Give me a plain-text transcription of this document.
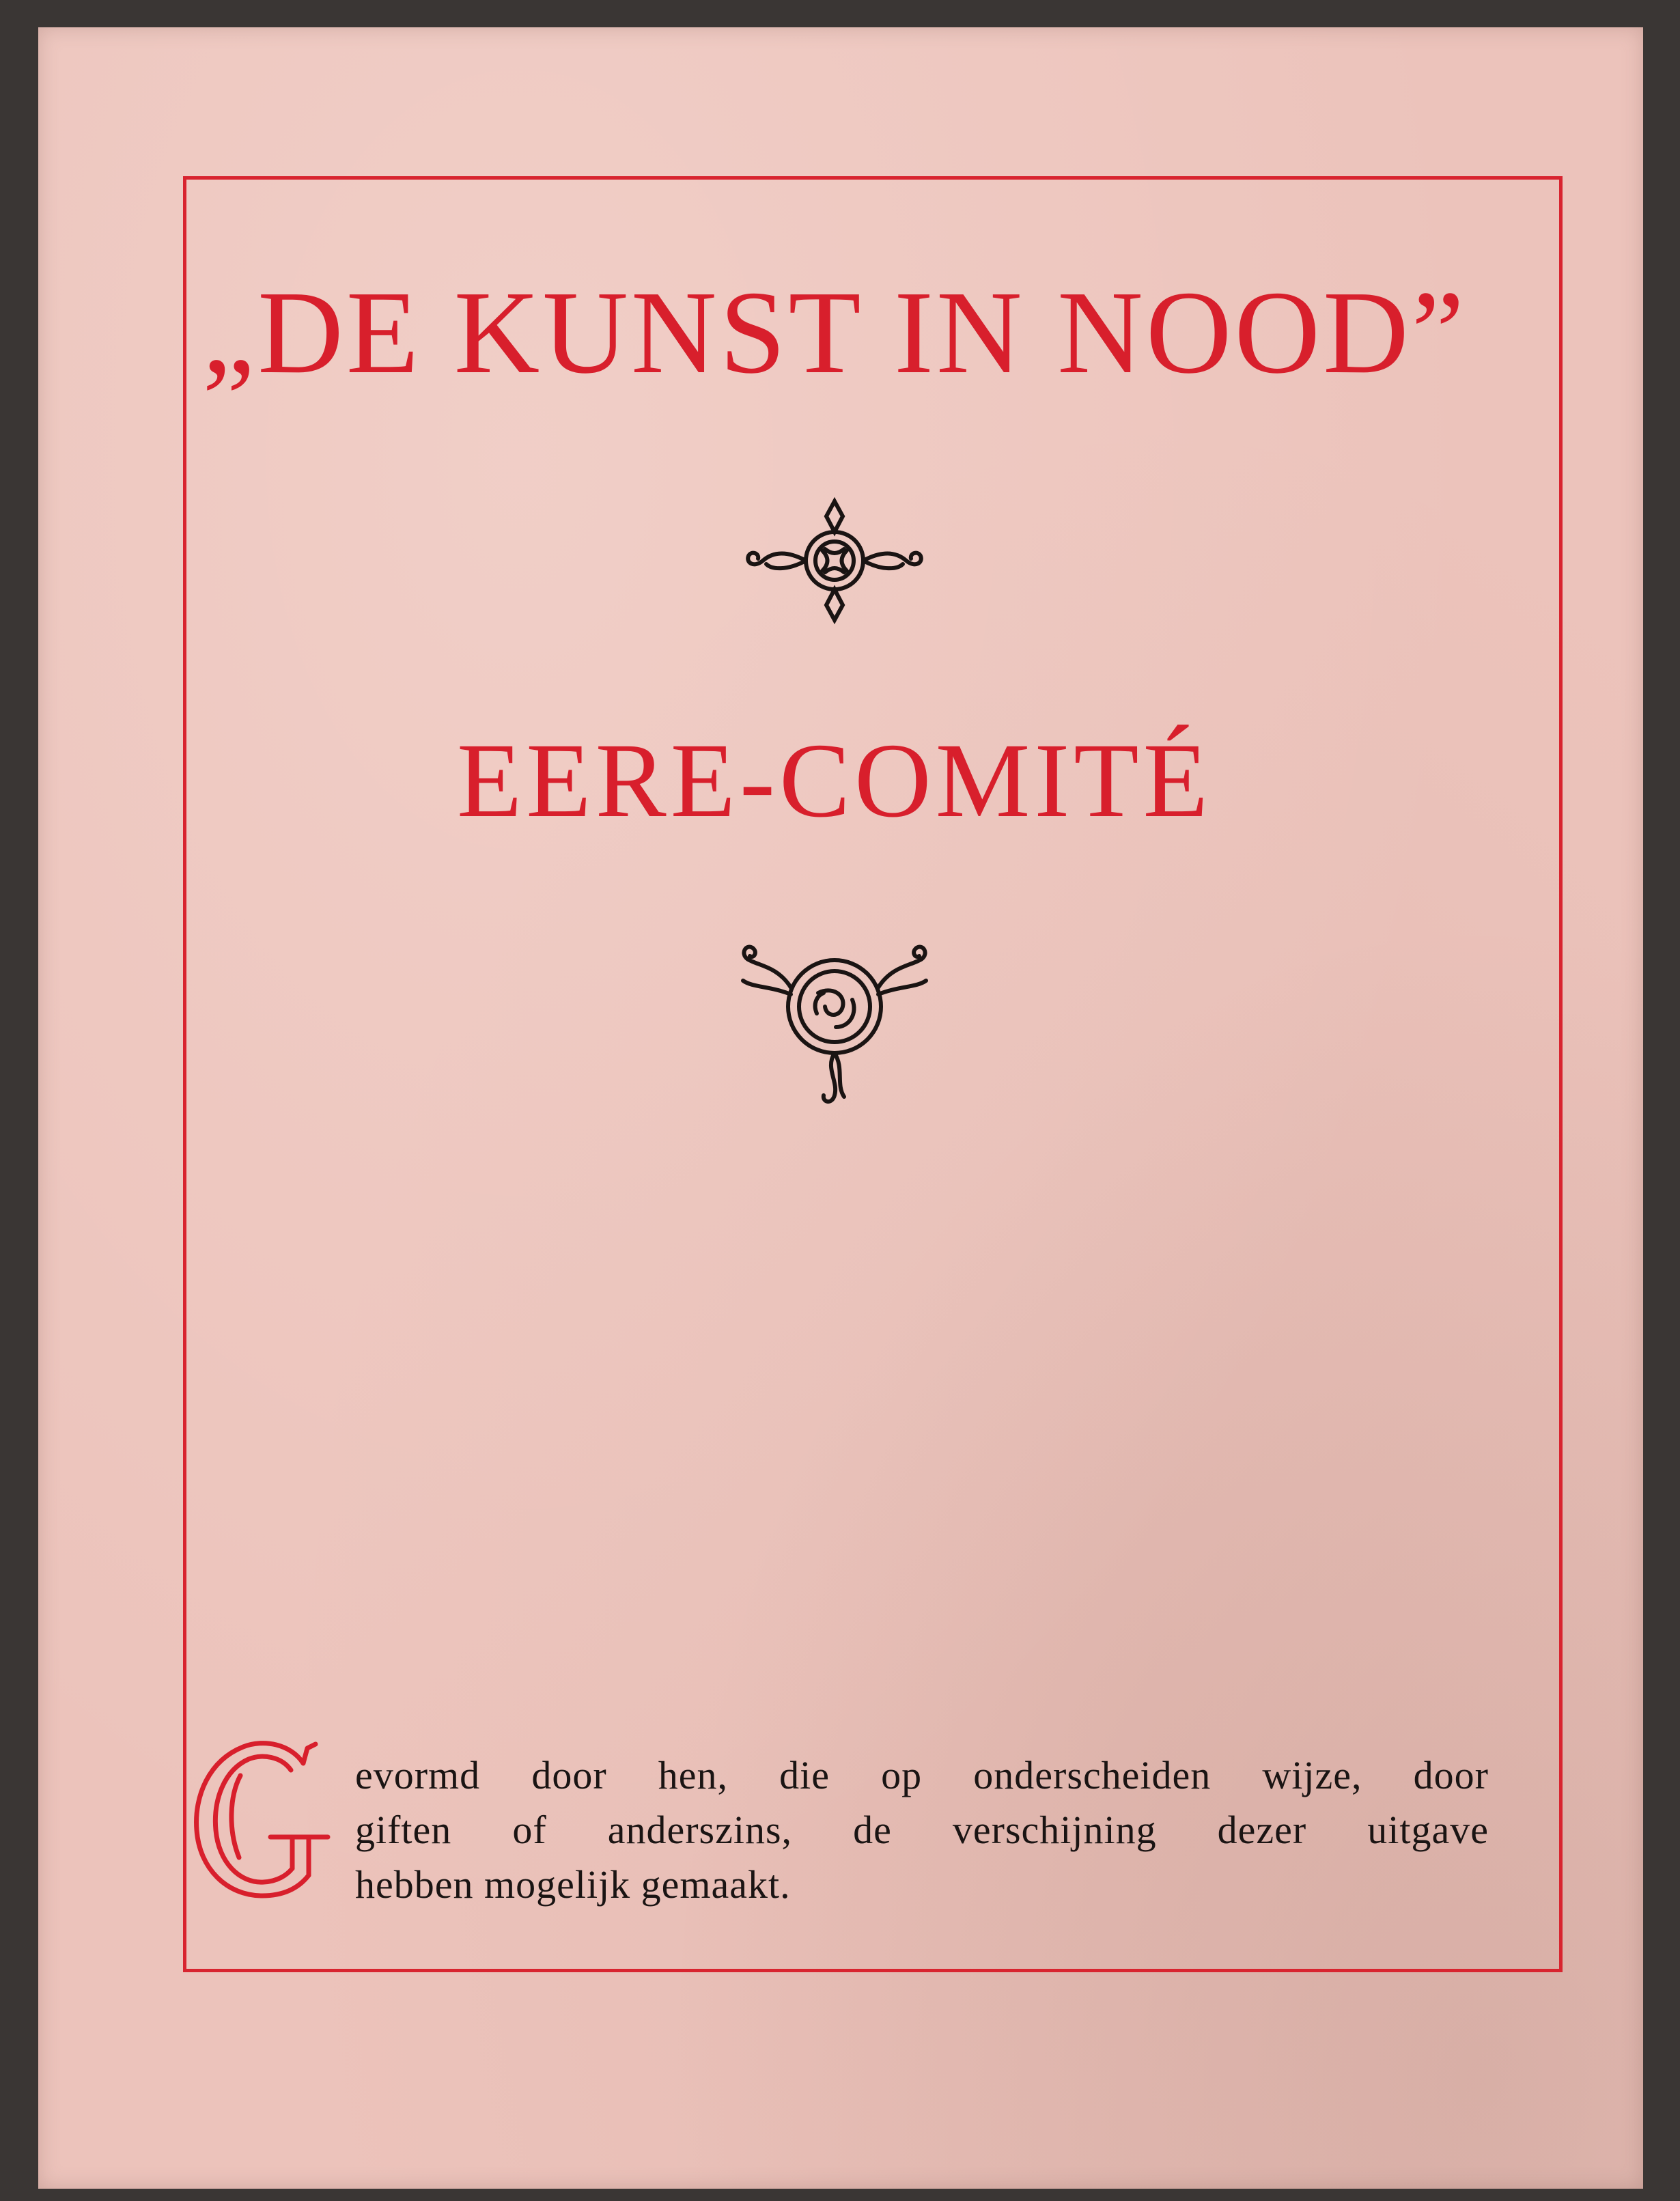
„DE KUNST IN NOOD”
EERE-COMITÉ
evormd door hen, die op onderscheiden wijze, door
giften of anderszins, de verschijning dezer uitgave
hebben mogelijk gemaakt.
